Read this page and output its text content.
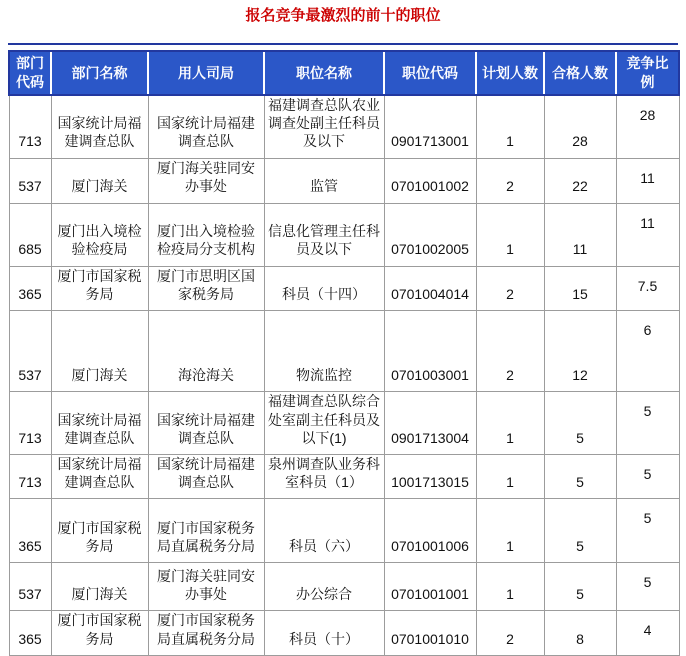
报名竞争最激烈的前十的职位
部门代码	部门名称	用人司局	职位名称	职位代码	计划人数	合格人数	竞争比例
713	国家统计局福建调查总队	国家统计局福建调查总队	福建调查总队农业调查处副主任科员及以下	0901713001	1	28	28
537	厦门海关	厦门海关驻同安办事处	监管	0701001002	2	22	11
685	厦门出入境检验检疫局	厦门出入境检验检疫局分支机构	信息化管理主任科员及以下	0701002005	1	11	11
365	厦门市国家税务局	厦门市思明区国家税务局	科员（十四）	0701004014	2	15	7.5
537	厦门海关	海沧海关	物流监控	0701003001	2	12	6
713	国家统计局福建调查总队	国家统计局福建调查总队	福建调查总队综合处室副主任科员及以下(1)	0901713004	1	5	5
713	国家统计局福建调查总队	国家统计局福建调查总队	泉州调查队业务科室科员（1）	1001713015	1	5	5
365	厦门市国家税务局	厦门市国家税务局直属税务分局	科员（六）	0701001006	1	5	5
537	厦门海关	厦门海关驻同安办事处	办公综合	0701001001	1	5	5
365	厦门市国家税务局	厦门市国家税务局直属税务分局	科员（十）	0701001010	2	8	4
